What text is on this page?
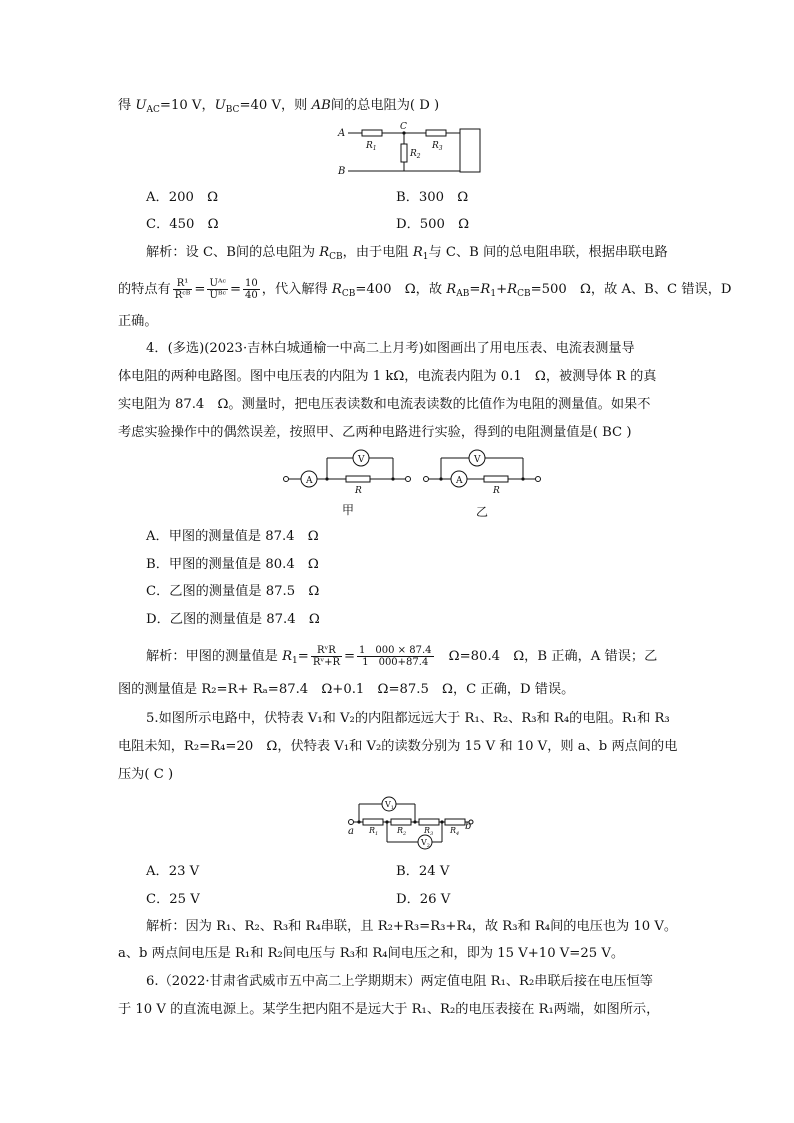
得 $U_{AC}=10$ V，$U_{BC}=40$ V，则 AB间的总电阻为( D )
A
B
C
$R_1$
$R_2$
$R_3$
A．200　Ω	B．300　Ω
C．450　Ω	D．500　Ω
解析：设 C、B间的总电阻为 $R_{CB}$，由于电阻 $R_1$与 C、B 间的总电阻串联，根据串联电路
的特点有 $\frac{\text{R¹}}{\text{Rᶜᴮ}} = \frac{\text{Uᴬᶜ}}{\text{Uᴮᶜ}} = \frac{10}{40}$ ，代入解得 $R_{CB}=400$　Ω，故 $R_{AB}=R_1+R_{CB}=500$　Ω，故 A、B、C 错误，D
正确。
4．(多选)(2023·吉林白城通榆一中高二上月考)如图画出了用电压表、电流表测量导
体电阻的两种电路图。图中电压表的内阻为 1 kΩ，电流表内阻为 0.1　Ω，被测导体 R 的真
实电阻为 87.4　Ω。测量时，把电压表读数和电流表读数的比值作为电阻的测量值。如果不
考虑实验操作中的偶然误差，按照甲、乙两种电路进行实验，得到的电阻测量值是( BC )
A
V
R
甲
A
V
R
乙
A．甲图的测量值是 87.4　Ω
B．甲图的测量值是 80.4　Ω
C．乙图的测量值是 87.5　Ω
D．乙图的测量值是 87.4　Ω
解析：甲图的测量值是 $R_1= \frac{\text{RᵛR}}{\text{Rᵛ+R}} = \frac{1 000 \times 87.4}{1 000+87.4}$ 　Ω=80.4　Ω，B 正确，A 错误；乙
图的测量值是 R₂=R+ Rₐ=87.4　Ω+0.1　Ω=87.5　Ω，C 正确，D 错误。
5.如图所示电路中，伏特表 V₁和 V₂的内阻都远远大于 R₁、R₂、R₃和 R₄的电阻。R₁和 R₃
电阻未知，R₂=R₄=20　Ω，伏特表 V₁和 V₂的读数分别为 15 V 和 10 V，则 a、b 两点间的电
压为( C )
a	b
$V_1$
$V_2$
$R_1$ $R_2$ $R_3$ $R_4$
A．23 V	B．24 V
C．25 V	D．26 V
解析：因为 R₁、R₂、R₃和 R₄串联，且 R₂+R₃=R₃+R₄，故 R₃和 R₄间的电压也为 10 V。
a、b 两点间电压是 R₁和 R₂间电压与 R₃和 R₄间电压之和，即为 15 V+10 V=25 V。
6.（2022·甘肃省武威市五中高二上学期期末）两定值电阻 R₁、R₂串联后接在电压恒等
于 10 V 的直流电源上。某学生把内阻不是远大于 R₁、R₂的电压表接在 R₁两端，如图所示，
